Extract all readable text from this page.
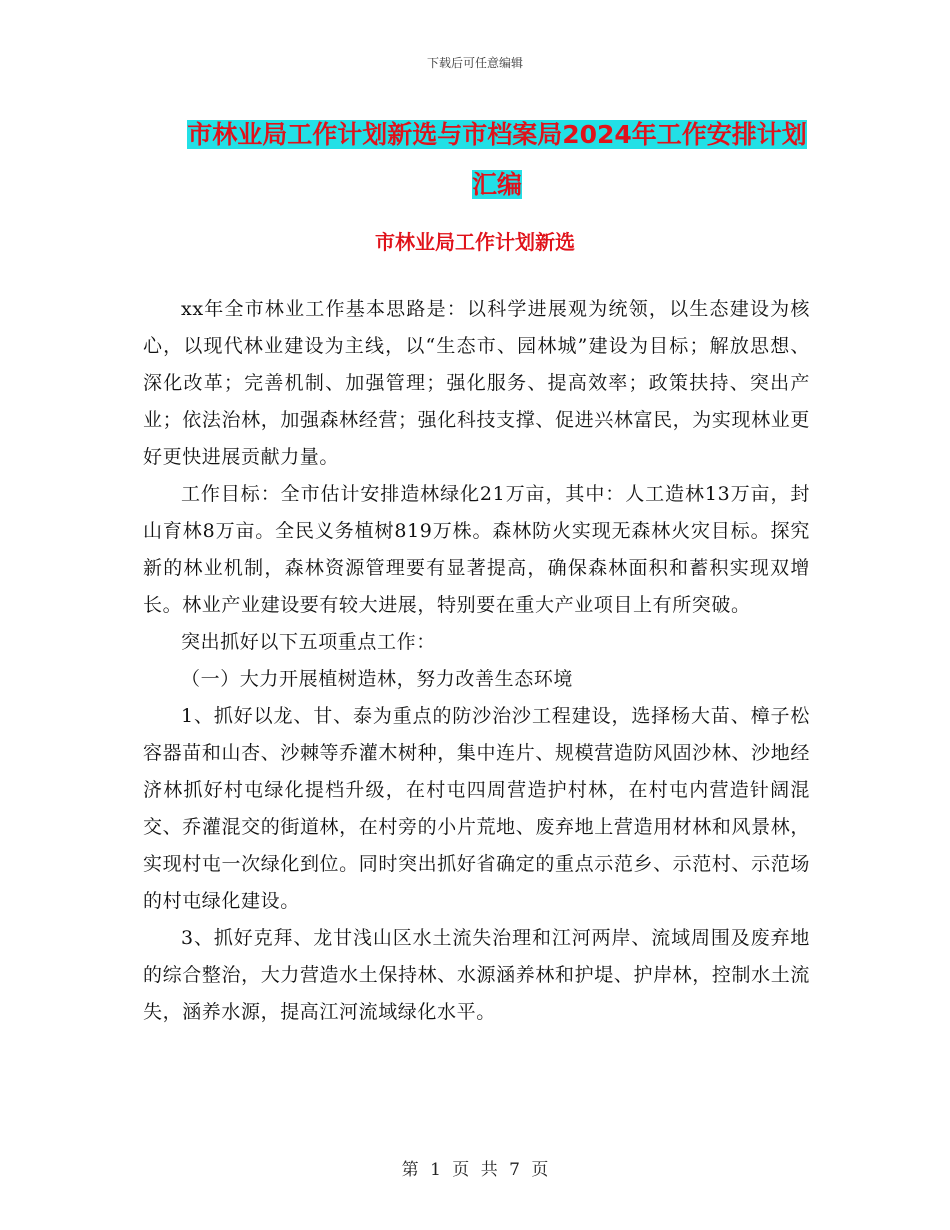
下载后可任意编辑
市林业局工作计划新选与市档案局2024年工作安排计划汇编
市林业局工作计划新选

xx年全市林业工作基本思路是：以科学进展观为统领，以生态建设为核心，以现代林业建设为主线，以“生态市、园林城”建设为目标；解放思想、深化改革；完善机制、加强管理；强化服务、提高效率；政策扶持、突出产业；依法治林，加强森林经营；强化科技支撑、促进兴林富民，为实现林业更好更快进展贡献力量。

工作目标：全市估计安排造林绿化21万亩，其中：人工造林13万亩，封山育林8万亩。全民义务植树819万株。森林防火实现无森林火灾目标。探究新的林业机制，森林资源管理要有显著提高，确保森林面积和蓄积实现双增长。林业产业建设要有较大进展，特别要在重大产业项目上有所突破。

突出抓好以下五项重点工作：

（一）大力开展植树造林，努力改善生态环境

1、抓好以龙、甘、泰为重点的防沙治沙工程建设，选择杨大苗、樟子松容器苗和山杏、沙棘等乔灌木树种，集中连片、规模营造防风固沙林、沙地经济林抓好村屯绿化提档升级，在村屯四周营造护村林，在村屯内营造针阔混交、乔灌混交的街道林，在村旁的小片荒地、废弃地上营造用材林和风景林，实现村屯一次绿化到位。同时突出抓好省确定的重点示范乡、示范村、示范场的村屯绿化建设。

3、抓好克拜、龙甘浅山区水土流失治理和江河两岸、流域周围及废弃地的综合整治，大力营造水土保持林、水源涵养林和护堤、护岸林，控制水土流失，涵养水源，提高江河流域绿化水平。

第 1 页 共 7 页
